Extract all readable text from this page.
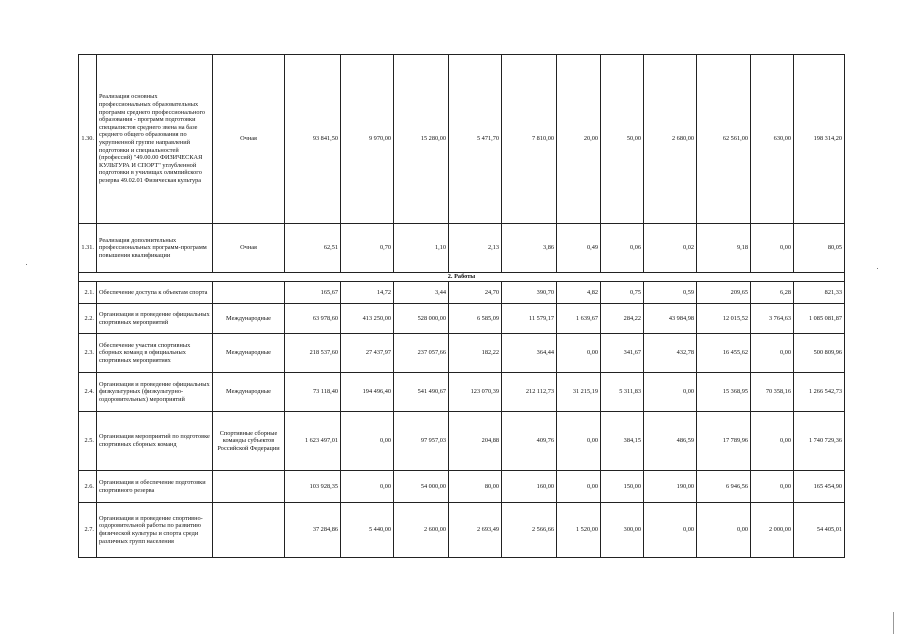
1.30.	Реализация основных профессиональных образовательных программ среднего профессионального образования - программ подготовки специалистов среднего звена на базе среднего общего образования по укрупненной группе направлений подготовки и специальностей (профессий) "49.00.00 ФИЗИЧЕСКАЯ КУЛЬТУРА И СПОРТ" углубленной подготовки в училищах олимпийского резерва 49.02.01 Физическая культура	Очная	93 841,50	9 970,00	15 280,00	5 471,70	7 810,00	20,00	50,00	2 680,00	62 561,00	630,00	198 314,20
1.31.	Реализация дополнительных профессиональных программ-программ повышения квалификации	Очная	62,51	0,70	1,10	2,13	3,86	0,49	0,06	0,02	9,18	0,00	80,05
2. Работы													
2.1.	Обеспечение доступа к объектам спорта		165,67	14,72	3,44	24,70	390,70	4,82	0,75	0,59	209,65	6,28	821,33
2.2.	Организация и проведение официальных спортивных мероприятий	Международные	63 978,60	413 250,00	528 000,00	6 585,09	11 579,17	1 639,67	284,22	43 984,98	12 015,52	3 764,63	1 085 081,87
2.3.	Обеспечение участия спортивных сборных команд в официальных спортивных мероприятиях	Международные	218 537,60	27 437,97	237 057,66	182,22	364,44	0,00	341,67	432,78	16 455,62	0,00	500 809,96
2.4.	Организация и проведение официальных физкультурных (физкультурно-оздоровительных) мероприятий	Международные	73 118,40	194 496,40	541 490,67	123 070,39	212 112,73	31 215,19	5 311,83	0,00	15 368,95	70 358,16	1 266 542,73
2.5.	Организация мероприятий по подготовке спортивных сборных команд	Спортивные сборные команды субъектов Российской Федерации	1 623 497,01	0,00	97 957,03	204,88	409,76	0,00	384,15	486,59	17 789,96	0,00	1 740 729,36
2.6.	Организация и обеспечение подготовки спортивного резерва		103 928,35	0,00	54 000,00	80,00	160,00	0,00	150,00	190,00	6 946,56	0,00	165 454,90
2.7.	Организация и проведение спортивно-оздоровительной работы по развитию физической культуры и спорта среди различных групп населения		37 284,86	5 440,00	2 600,00	2 693,49	2 566,66	1 520,00	300,00	0,00	0,00	2 000,00	54 405,01
